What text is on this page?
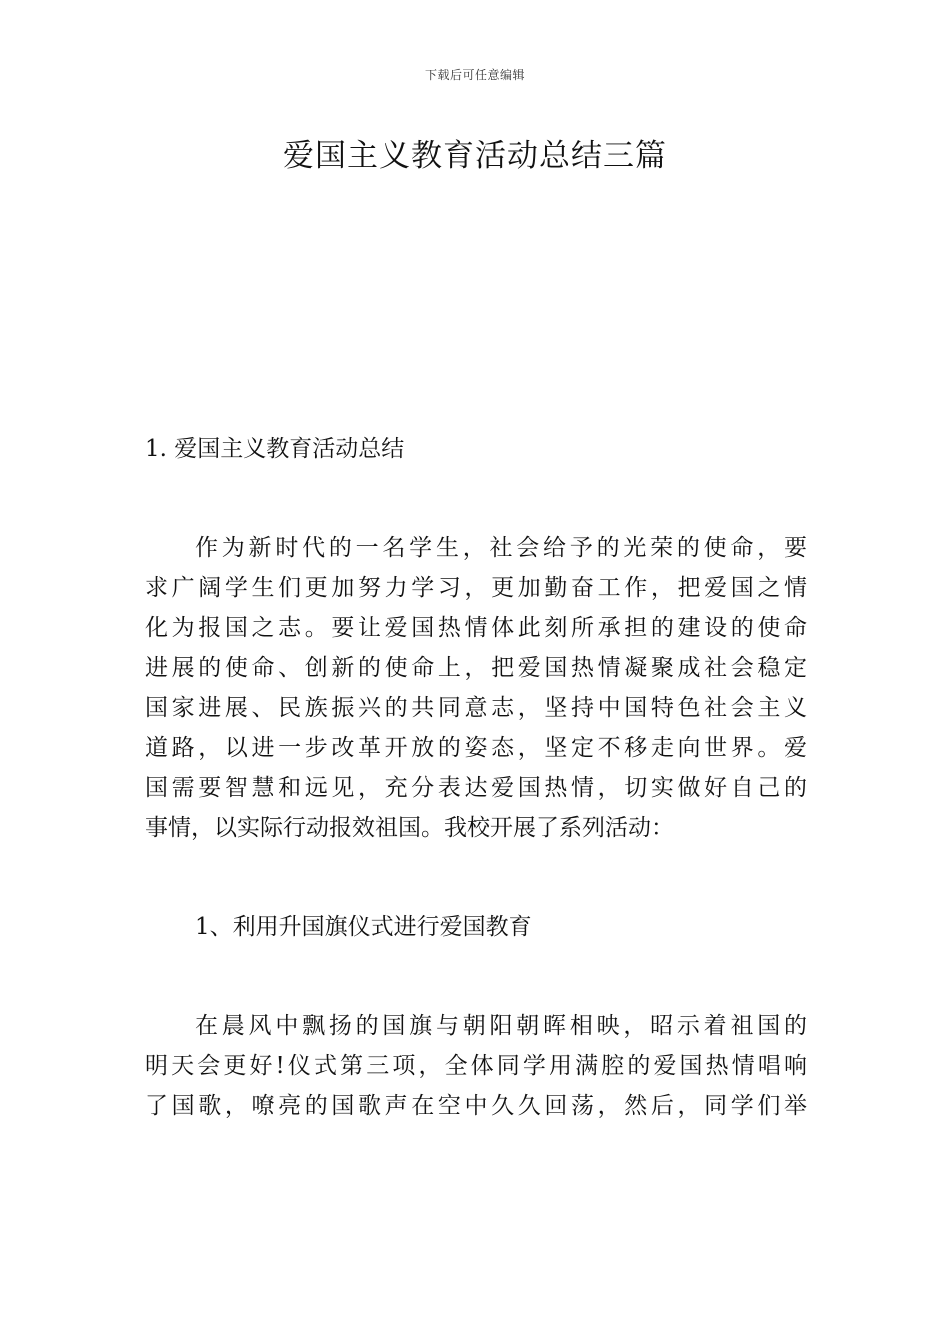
下载后可任意编辑
爱国主义教育活动总结三篇

1. 爱国主义教育活动总结

作为新时代的一名学生，社会给予的光荣的使命，要
求广阔学生们更加努力学习，更加勤奋工作，把爱国之情
化为报国之志。要让爱国热情体此刻所承担的建设的使命
进展的使命、创新的使命上，把爱国热情凝聚成社会稳定
国家进展、民族振兴的共同意志，坚持中国特色社会主义
道路，以进一步改革开放的姿态，坚定不移走向世界。爱
国需要智慧和远见，充分表达爱国热情，切实做好自己的
事情，以实际行动报效祖国。我校开展了系列活动：

1、利用升国旗仪式进行爱国教育

在晨风中飘扬的国旗与朝阳朝晖相映，昭示着祖国的
明天会更好!仪式第三项，全体同学用满腔的爱国热情唱响
了国歌，嘹亮的国歌声在空中久久回荡，然后，同学们举
